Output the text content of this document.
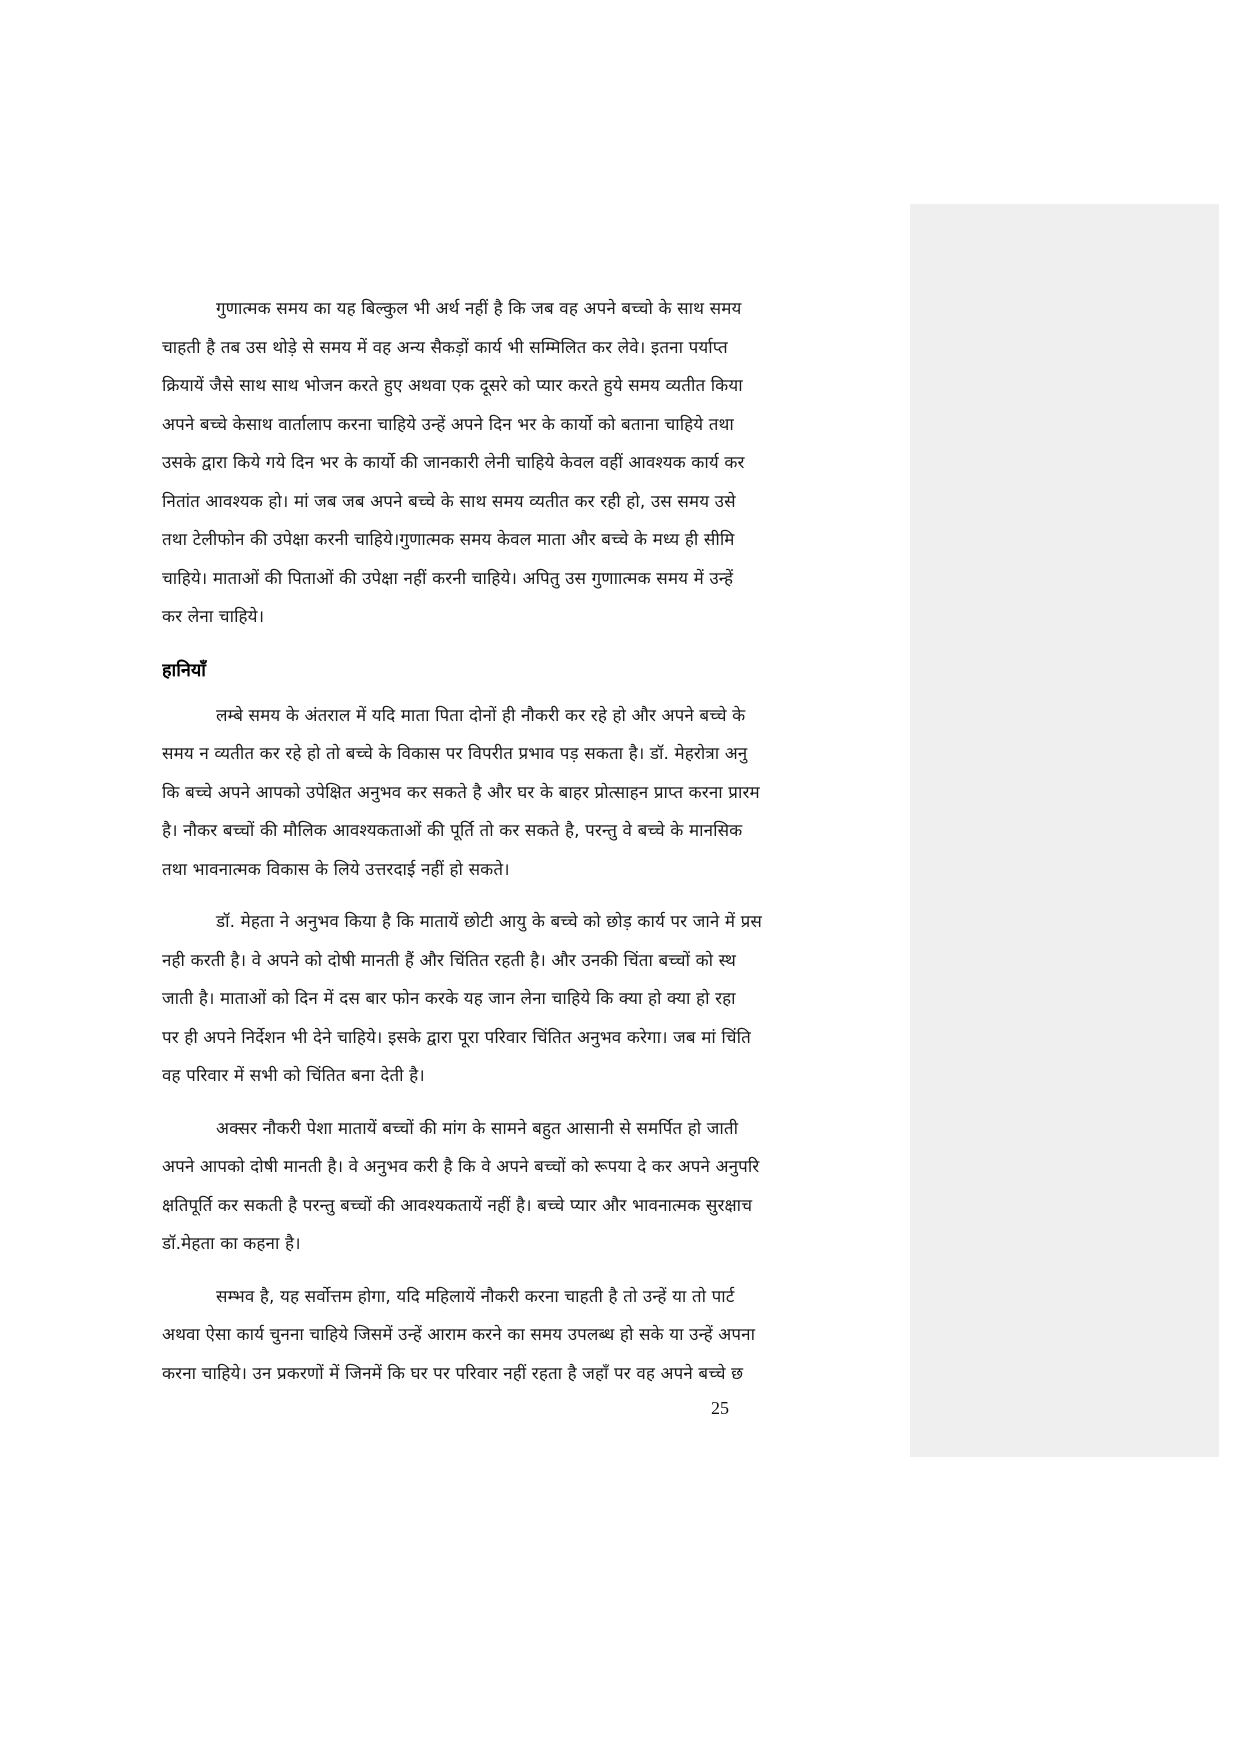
गुणात्मक समय का यह बिल्कुल भी अर्थ नहीं है कि जब वह अपने बच्चो के साथ समय
चाहती है तब उस थोड़े से समय में वह अन्य सैकड़ों कार्य भी सम्मिलित कर लेवे। इतना पर्याप्त
क्रियायें जैसे साथ साथ भोजन करते हुए अथवा एक दूसरे को प्यार करते हुये समय व्यतीत किया
अपने बच्चे केसाथ वार्तालाप करना चाहिये उन्हें अपने दिन भर के कार्यो को बताना चाहिये तथा
उसके द्वारा किये गये दिन भर के कार्यो की जानकारी लेनी चाहिये केवल वहीं आवश्यक कार्य कर
नितांत आवश्यक हो। मां जब जब अपने बच्चे के साथ समय व्यतीत कर रही हो, उस समय उसे
तथा टेलीफोन की उपेक्षा करनी चाहिये।गुणात्मक समय केवल माता और बच्चे के मध्य ही सीमि
चाहिये। माताओं की पिताओं की उपेक्षा नहीं करनी चाहिये। अपितु उस गुणाात्मक समय में उन्हें
कर लेना चाहिये।
हानियॉं
लम्बे समय के अंतराल में यदि माता पिता दोनों ही नौकरी कर रहे हो और अपने बच्चे के
समय न व्यतीत कर रहे हो तो बच्चे के विकास पर विपरीत प्रभाव पड़ सकता है। डॉ. मेहरोत्रा अनु
कि बच्चे अपने आपको उपेक्षित अनुभव कर सकते है और घर के बाहर प्रोत्साहन प्राप्त करना प्रारम
है। नौकर बच्चों की मौलिक आवश्यकताओं की पूर्ति तो कर सकते है, परन्तु वे बच्चे के मानसिक
तथा भावनात्मक विकास के लिये उत्तरदाई नहीं हो सकते।
डॉ. मेहता ने अनुभव किया है कि मातायें छोटी आयु के बच्चे को छोड़ कार्य पर जाने में प्रस
नही करती है। वे अपने को दोषी मानती हैं और चिंतित रहती है। और उनकी चिंता बच्चों को स्थ
जाती है। माताओं को दिन में दस बार फोन करके यह जान लेना चाहिये कि क्या हो क्या हो रहा
पर ही अपने निर्देशन भी देने चाहिये। इसके द्वारा पूरा परिवार चिंतित अनुभव करेगा। जब मां चिंति
वह परिवार में सभी को चिंतित बना देती है।
अक्सर नौकरी पेशा मातायें बच्चों की मांग के सामने बहुत आसानी से समर्पित हो जाती
अपने आपको दोषी मानती है। वे अनुभव करी है कि वे अपने बच्चों को रूपया दे कर अपने अनुपरि
क्षतिपूर्ति कर सकती है परन्तु बच्चों की आवश्यकतायें नहीं है। बच्चे प्यार और भावनात्मक सुरक्षाच
डॉ.मेहता का कहना है।
सम्भव है, यह सर्वोत्तम होगा, यदि महिलायें नौकरी करना चाहती है तो उन्हें या तो पार्ट
अथवा ऐसा कार्य चुनना चाहिये जिसमें उन्हें आराम करने का समय उपलब्ध हो सके या उन्हें अपना
करना चाहिये। उन प्रकरणों में जिनमें कि घर पर परिवार नहीं रहता है जहॉं पर वह अपने बच्चे छ
25
